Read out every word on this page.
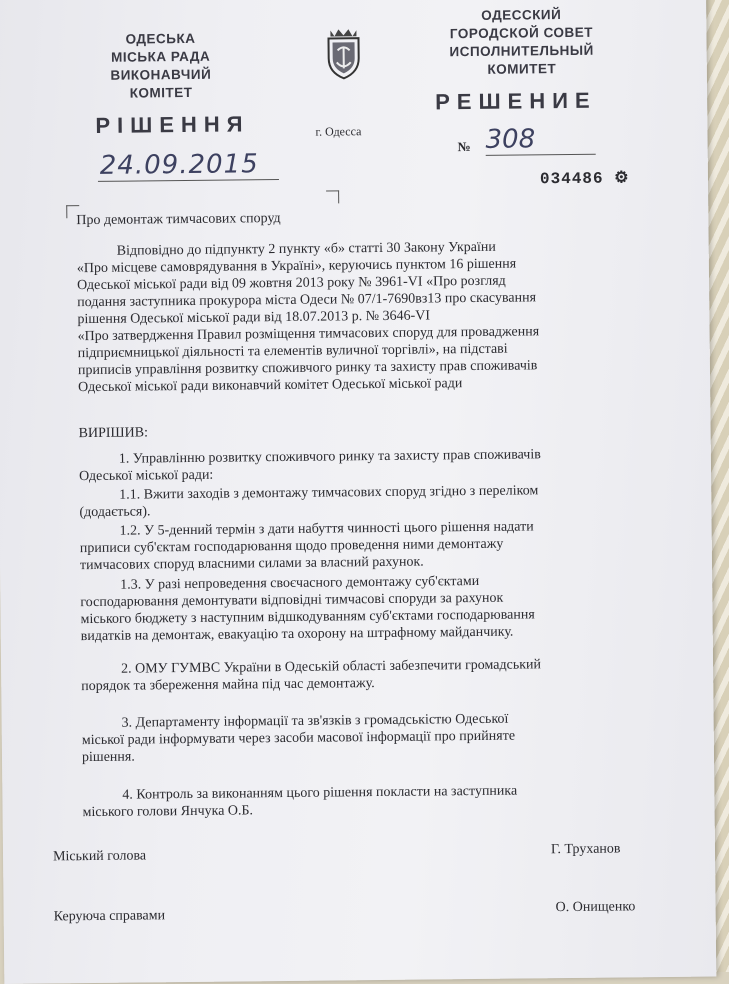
ОДЕСЬКА
МІСЬКА РАДА
ВИКОНАВЧИЙ
КОМІТЕТ
ОДЕССКИЙ
ГОРОДСКОЙ СОВЕТ
ИСПОЛНИТЕЛЬНЫЙ
КОМИТЕТ
РІШЕННЯ
РЕШЕНИЕ
г. Одесса
24.09.2015
№ 308
034486 ⚙
Про демонтаж тимчасових споруд
Відповідно до підпункту 2 пункту «б» статті 30 Закону України
«Про місцеве самоврядування в Україні», керуючись пунктом 16 рішення
Одеської міської ради від 09 жовтня 2013 року № 3961-VI «Про розгляд
подання заступника прокурора міста Одеси № 07/1-7690вз13 про скасування
рішення Одеської міської ради від 18.07.2013 р. № 3646-VI
«Про затвердження Правил розміщення тимчасових споруд для провадження
підприємницької діяльності та елементів вуличної торгівлі», на підставі
приписів управління розвитку споживчого ринку та захисту прав споживачів
Одеської міської ради виконавчий комітет Одеської міської ради
ВИРІШИВ:
1. Управлінню розвитку споживчого ринку та захисту прав споживачів
Одеської міської ради:
1.1. Вжити заходів з демонтажу тимчасових споруд згідно з переліком
(додається).
1.2. У 5-денний термін з дати набуття чинності цього рішення надати
приписи суб'єктам господарювання щодо проведення ними демонтажу
тимчасових споруд власними силами за власний рахунок.
1.3. У разі непроведення своєчасного демонтажу суб'єктами
господарювання демонтувати відповідні тимчасові споруди за рахунок
міського бюджету з наступним відшкодуванням суб'єктами господарювання
видатків на демонтаж, евакуацію та охорону на штрафному майданчику.
2. ОМУ ГУМВС України в Одеській області забезпечити громадський
порядок та збереження майна під час демонтажу.
3. Департаменту інформації та зв'язків з громадськістю Одеської
міської ради інформувати через засоби масової інформації про прийняте
рішення.
4. Контроль за виконанням цього рішення покласти на заступника
міського голови Янчука О.Б.
Міський голова	Г. Труханов
Керуюча справами
О. Онищенко
